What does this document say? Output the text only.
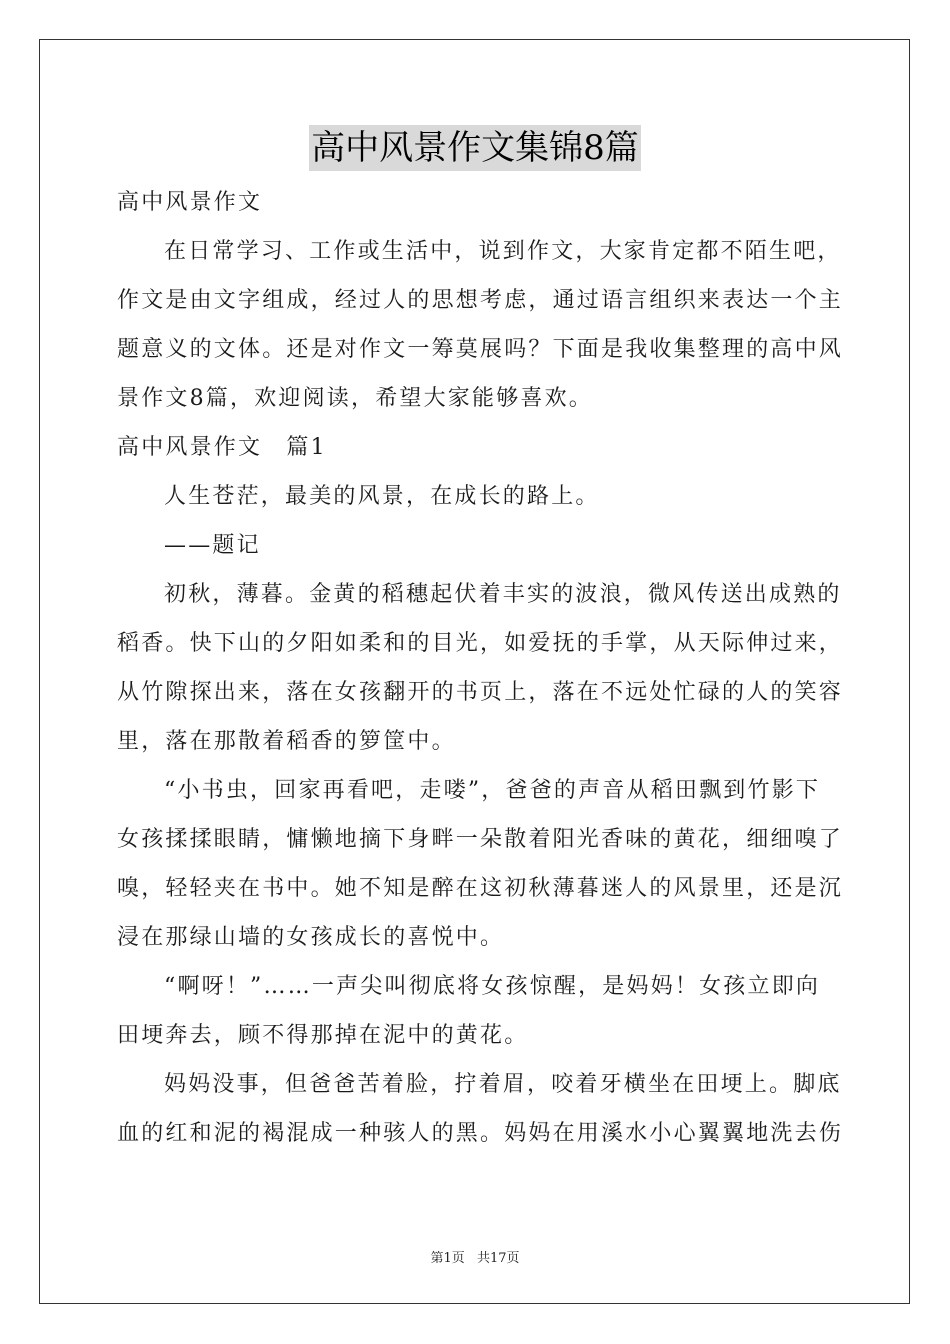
高中风景作文集锦8篇

高中风景作文

在日常学习、工作或生活中，说到作文，大家肯定都不陌生吧，

作文是由文字组成，经过人的思想考虑，通过语言组织来表达一个主

题意义的文体。还是对作文一筹莫展吗？下面是我收集整理的高中风

景作文8篇，欢迎阅读，希望大家能够喜欢。

高中风景作文　篇1

人生苍茫，最美的风景，在成长的路上。

——题记

初秋，薄暮。金黄的稻穗起伏着丰实的波浪，微风传送出成熟的

稻香。快下山的夕阳如柔和的目光，如爱抚的手掌，从天际伸过来，

从竹隙探出来，落在女孩翻开的书页上，落在不远处忙碌的人的笑容

里，落在那散着稻香的箩筐中。

“小书虫，回家再看吧，走喽”，爸爸的声音从稻田飘到竹影下

女孩揉揉眼睛，慵懒地摘下身畔一朵散着阳光香味的黄花，细细嗅了

嗅，轻轻夹在书中。她不知是醉在这初秋薄暮迷人的风景里，还是沉

浸在那绿山墙的女孩成长的喜悦中。

“啊呀！”……一声尖叫彻底将女孩惊醒，是妈妈！女孩立即向

田埂奔去，顾不得那掉在泥中的黄花。

妈妈没事，但爸爸苦着脸，拧着眉，咬着牙横坐在田埂上。脚底

血的红和泥的褐混成一种骇人的黑。妈妈在用溪水小心翼翼地洗去伤

第1页 共17页
